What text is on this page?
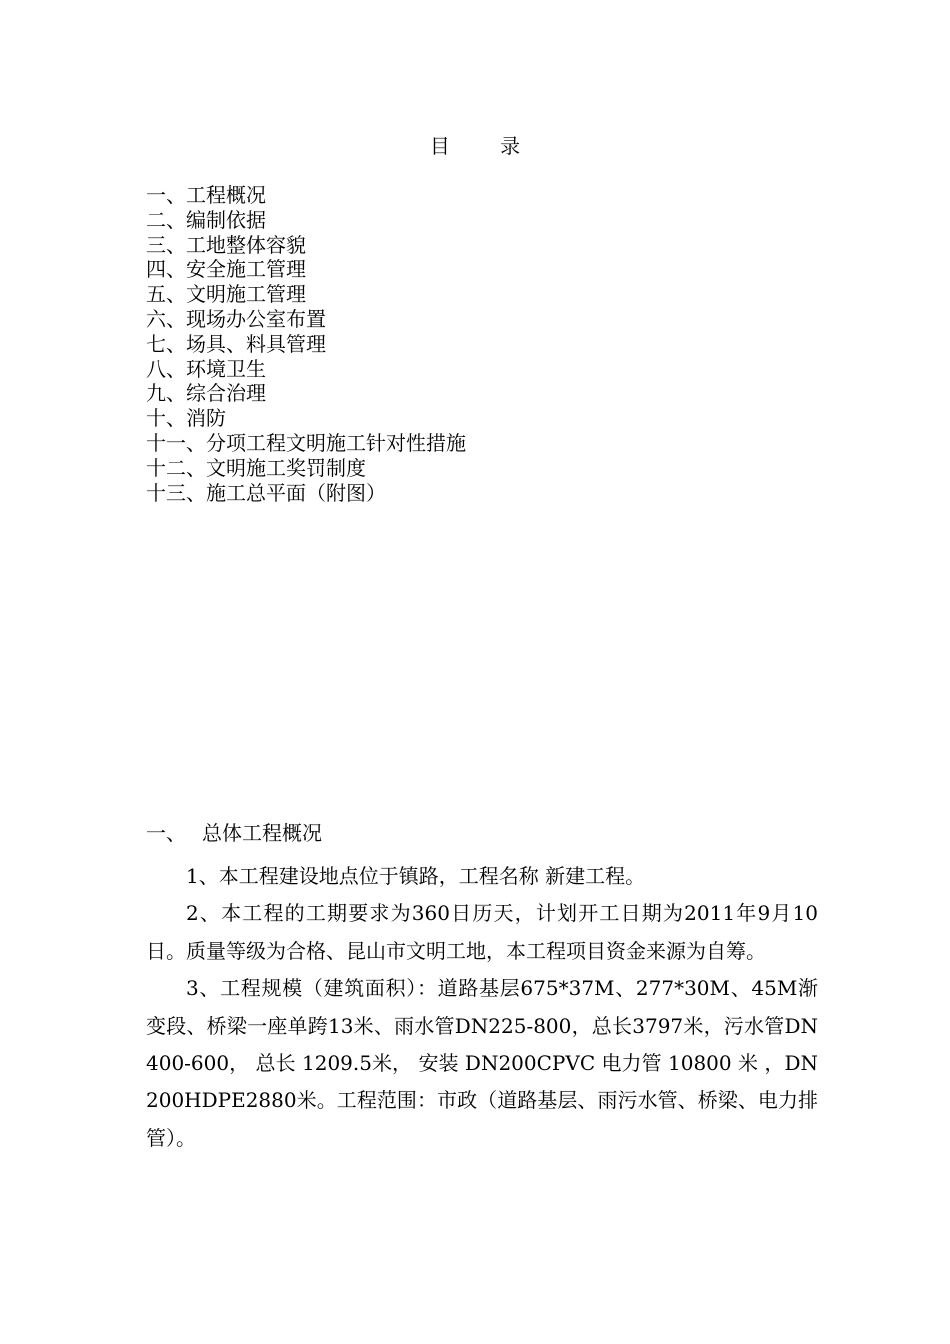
目 录
一、工程概况
二、编制依据
三、工地整体容貌
四、安全施工管理
五、文明施工管理
六、现场办公室布置
七、场具、料具管理
八、环境卫生
九、综合治理
十、消防
十一、分项工程文明施工针对性措施
十二、文明施工奖罚制度
十三、施工总平面（附图）
一、 总体工程概况

1、本工程建设地点位于镇路，工程名称 新建工程。

2、本工程的工期要求为360日历天，计划开工日期为2011年9月10日。质量等级为合格、昆山市文明工地，本工程项目资金来源为自筹。

3、工程规模（建筑面积）：道路基层675*37M、277*30M、45M渐变段、桥梁一座单跨13米、雨水管DN225-800，总长3797米，污水管DN400-600， 总长 1209.5米， 安装 DN200CPVC 电力管 10800 米 ，DN200HDPE2880米。工程范围：市政（道路基层、雨污水管、桥梁、电力排管）。
